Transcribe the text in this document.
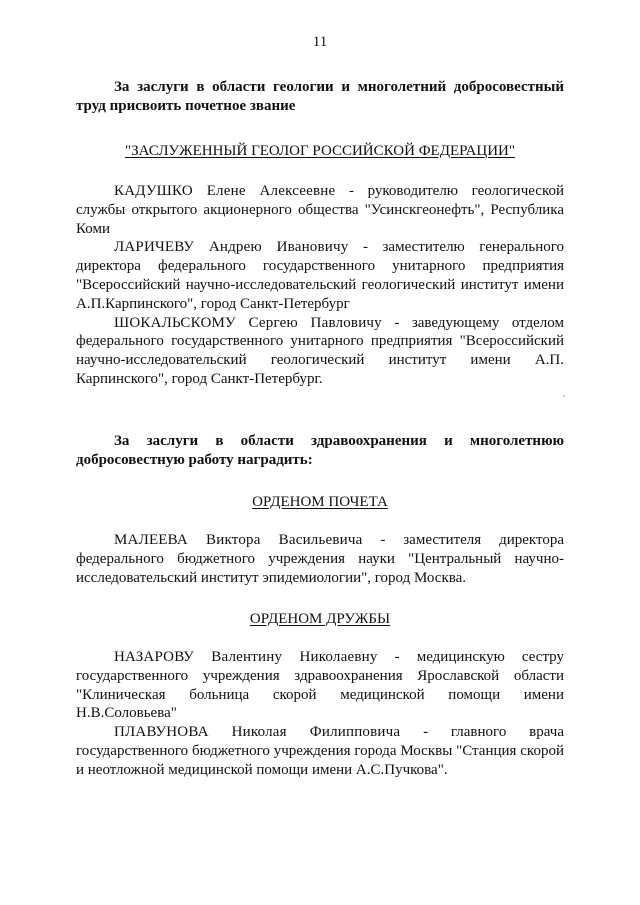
11

За заслуги в области геологии и многолетний добросовестный труд присвоить почетное звание

"ЗАСЛУЖЕННЫЙ ГЕОЛОГ РОССИЙСКОЙ ФЕДЕРАЦИИ"

КАДУШКО Елене Алексеевне - руководителю геологической службы открытого акционерного общества "Усинскгеонефть", Республика Коми

ЛАРИЧЕВУ Андрею Ивановичу - заместителю генерального директора федерального государственного унитарного предприятия "Всероссийский научно-исследовательский геологический институт имени А.П.Карпинского", город Санкт-Петербург

ШОКАЛЬСКОМУ Сергею Павловичу - заведующему отделом федерального государственного унитарного предприятия "Всероссийский научно-исследовательский геологический институт имени А.П. Карпинского", город Санкт-Петербург.

За заслуги в области здравоохранения и многолетнюю добросовестную работу наградить:

ОРДЕНОМ ПОЧЕТА

МАЛЕЕВА Виктора Васильевича - заместителя директора федерального бюджетного учреждения науки "Центральный научно-исследовательский институт эпидемиологии", город Москва.

ОРДЕНОМ ДРУЖБЫ

НАЗАРОВУ Валентину Николаевну - медицинскую сестру государственного учреждения здравоохранения Ярославской области "Клиническая больница скорой медицинской помощи имени Н.В.Соловьева"

ПЛАВУНОВА Николая Филипповича - главного врача государственного бюджетного учреждения города Москвы "Станция скорой и неотложной медицинской помощи имени А.С.Пучкова".
